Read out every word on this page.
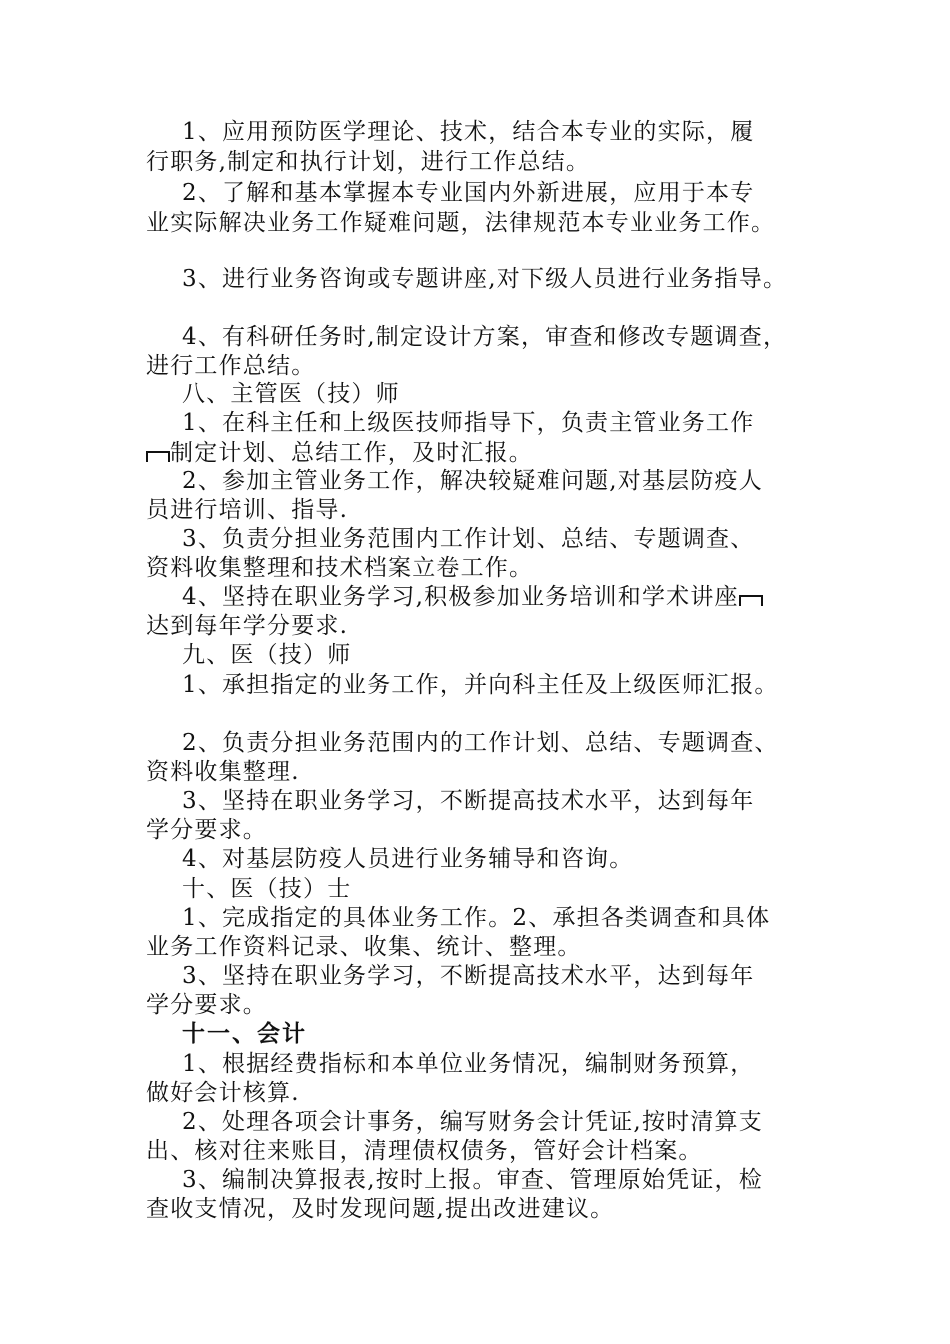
1、应用预防医学理论、技术，结合本专业的实际，履
行职务,制定和执行计划，进行工作总结。
2、了解和基本掌握本专业国内外新进展，应用于本专
业实际解决业务工作疑难问题，法律规范本专业业务工作。
3、进行业务咨询或专题讲座,对下级人员进行业务指导。
4、有科研任务时,制定设计方案，审查和修改专题调查，
进行工作总结。
八、主管医（技）师
1、在科主任和上级医技师指导下，负责主管业务工作
制定计划、总结工作，及时汇报。
2、参加主管业务工作，解决较疑难问题,对基层防疫人
员进行培训、指导.
3、负责分担业务范围内工作计划、总结、专题调查、
资料收集整理和技术档案立卷工作。
4、坚持在职业务学习,积极参加业务培训和学术讲座
达到每年学分要求.
九、医（技）师
1、承担指定的业务工作，并向科主任及上级医师汇报。
2、负责分担业务范围内的工作计划、总结、专题调查、
资料收集整理.
3、坚持在职业务学习，不断提高技术水平，达到每年
学分要求。
4、对基层防疫人员进行业务辅导和咨询。
十、医（技）士
1、完成指定的具体业务工作。2、承担各类调查和具体
业务工作资料记录、收集、统计、整理。
3、坚持在职业务学习，不断提高技术水平，达到每年
学分要求。
十一、会计
1、根据经费指标和本单位业务情况，编制财务预算，
做好会计核算.
2、处理各项会计事务，编写财务会计凭证,按时清算支
出、核对往来账目，清理债权债务，管好会计档案。
3、编制决算报表,按时上报。审查、管理原始凭证，检
查收支情况，及时发现问题,提出改进建议。
